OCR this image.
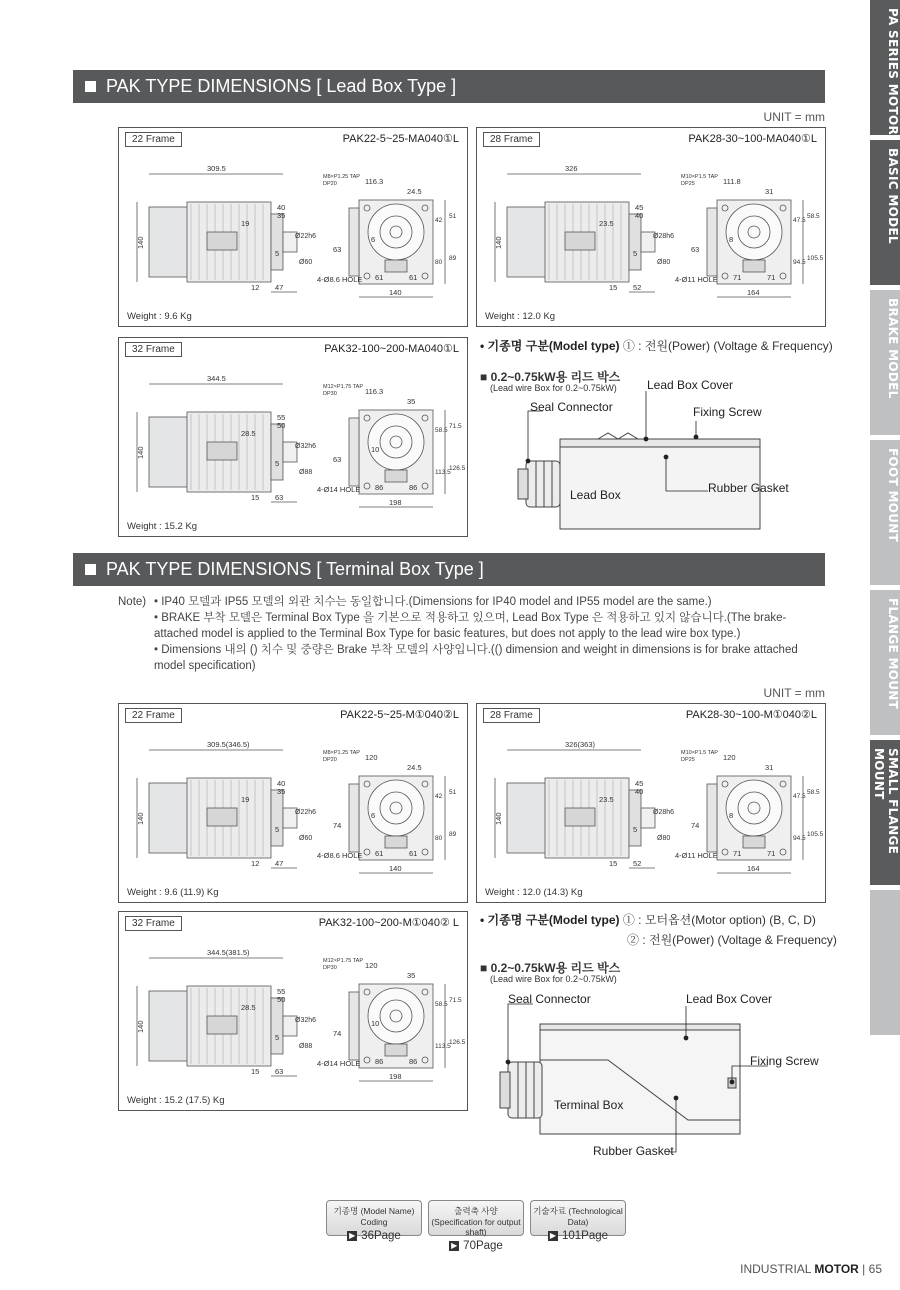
PA SERIES MOTOR
BASIC MODEL
BRAKE MODEL
FOOT MOUNT
FLANGE MOUNT
SMALL FLANGE MOUNT
PAK TYPE DIMENSIONS [ Lead Box Type ]
UNIT = mm
22 Frame	PAK22-5~25-MA040①L
Weight : 9.6 Kg
309.5
140
M8×P1.25 TAP
DP20	116.3
24.5
Ø22h6
40
35
Ø60
19
63
5
12 47
4-Ø8.6 HOLE 61	61
140
42
51
80
89
6
28 Frame	PAK28-30~100-MA040①L
Weight : 12.0 Kg
326
140
M10×P1.5 TAP
DP25	111.8
31
Ø28h6
45
40
Ø80
23.5
63
5
15 52
4-Ø11 HOLE 71	71
164
47.5
58.5
94.5
105.5
8
32 Frame	PAK32-100~200-MA040①L
Weight : 15.2 Kg
344.5
140
M12×P1.75 TAP
DP30	116.3
35
Ø32h6
55
50
Ø88
28.5
63
5
15 63
4-Ø14 HOLE 86	86
198
58.5
71.5
113.5
126.5
10
• 기종명 구분(Model type) ① : 전원(Power) (Voltage & Frequency)
■ 0.2~0.75kW용 리드 박스
(Lead wire Box for 0.2~0.75kW)
Seal Connector
Lead Box Cover
Fixing Screw
Lead Box	Rubber Gasket
PAK TYPE DIMENSIONS [ Terminal Box Type ]
Note) • IP40 모델과 IP55 모델의 외관 치수는 동일합니다.(Dimensions for IP40 model and IP55 model are the same.)
• BRAKE 부착 모델은 Terminal Box Type 을 기본으로 적용하고 있으며, Lead Box Type 은 적용하고 있지 않습니다.(The brake-attached model is applied to the Terminal Box Type for basic features, but does not apply to the lead wire box type.)
• Dimensions 내의 () 치수 및 중량은 Brake 부착 모델의 사양입니다.(() dimension and weight in dimensions is for brake attached model specification)
UNIT = mm
22 Frame	PAK22-5~25-M①040②L
Weight : 9.6 (11.9) Kg
309.5(346.5)
140
M8×P1.25 TAP
DP20	120
24.5
Ø22h6
40
35
Ø60
19
74
5
12 47
4-Ø8.6 HOLE 61	61
140
42
51
80
89
6
28 Frame	PAK28-30~100-M①040②L
Weight : 12.0 (14.3) Kg
326(363)
140
M10×P1.5 TAP
DP25	120
31
Ø28h6
45
40
Ø80
23.5
74
5
15 52
4-Ø11 HOLE 71	71
164
47.5
58.5
94.5
105.5
8
32 Frame	PAK32-100~200-M①040② L
Weight : 15.2 (17.5) Kg
344.5(381.5)
140
M12×P1.75 TAP
DP30	120
35
Ø32h6
55
50
Ø88
28.5
74
5
15 63
4-Ø14 HOLE 86	86
198
58.5
71.5
113.5
126.5
10
• 기종명 구분(Model type) ① : 모터옵션(Motor option) (B, C, D)
② : 전원(Power) (Voltage & Frequency)
■ 0.2~0.75kW용 리드 박스
(Lead wire Box for 0.2~0.75kW)
Seal Connector	Lead Box Cover
Fixing Screw
Terminal Box
Rubber Gasket
기종명 (Model Name) Coding
▶ 36Page
출력축 사양 (Specification for output shaft)
▶ 70Page
기술자료 (Technological Data)
▶ 101Page
INDUSTRIAL MOTOR | 65
